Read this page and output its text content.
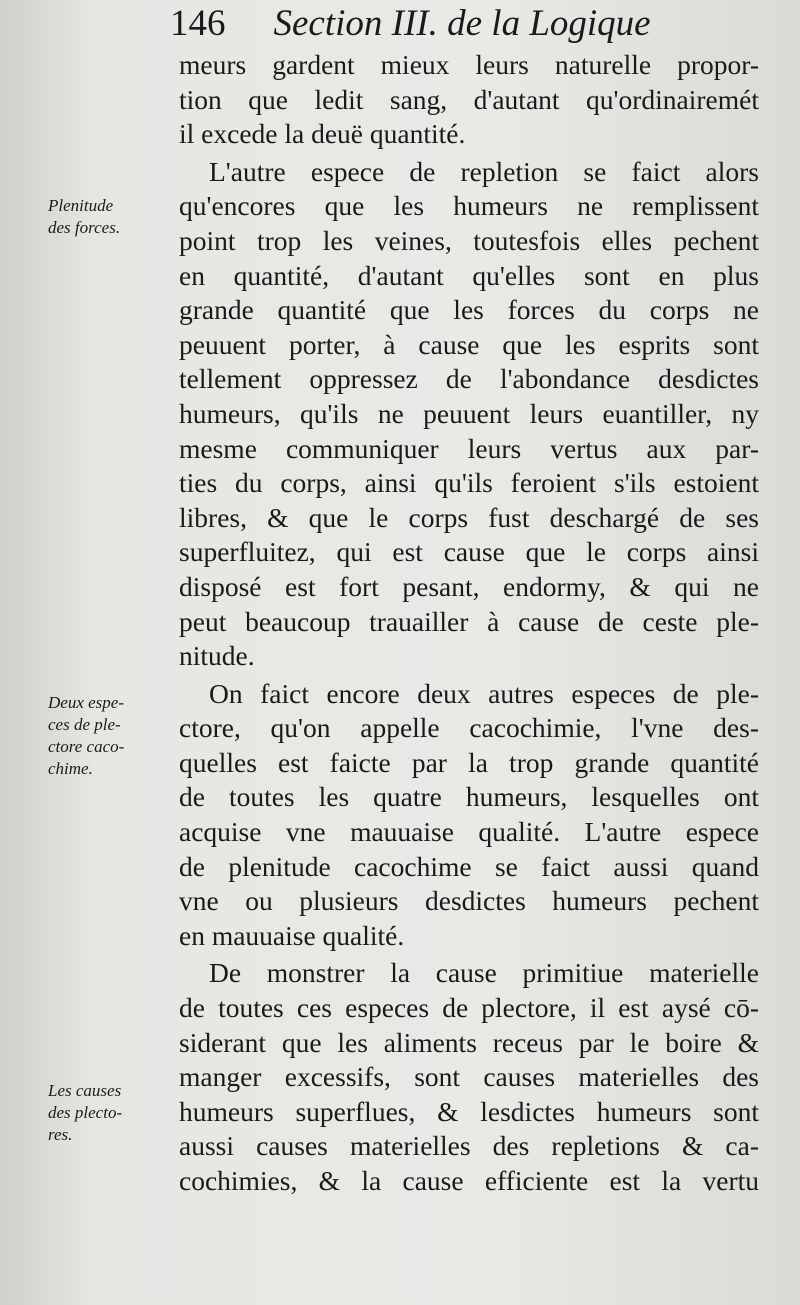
146 Section III. de la Logique
meurs gardent mieux leurs naturelle propor-
tion que ledit sang, d'autant qu'ordinairemét
il excede la deuë quantité.
L'autre espece de repletion se faict alors
qu'encores que les humeurs ne remplissent
point trop les veines, toutesfois elles pechent
en quantité, d'autant qu'elles sont en plus
grande quantité que les forces du corps ne
peuuent porter, à cause que les esprits sont
tellement oppressez de l'abondance desdictes
humeurs, qu'ils ne peuuent leurs euantiller, ny
mesme communiquer leurs vertus aux par-
ties du corps, ainsi qu'ils feroient s'ils estoient
libres, & que le corps fust deschargé de ses
superfluitez, qui est cause que le corps ainsi
disposé est fort pesant, endormy, & qui ne
peut beaucoup trauailler à cause de ceste ple-
nitude.
On faict encore deux autres especes de ple-
ctore, qu'on appelle cacochimie, l'vne des-
quelles est faicte par la trop grande quantité
de toutes les quatre humeurs, lesquelles ont
acquise vne mauuaise qualité. L'autre espece
de plenitude cacochime se faict aussi quand
vne ou plusieurs desdictes humeurs pechent
en mauuaise qualité.
De monstrer la cause primitiue materielle
de toutes ces especes de plectore, il est aysé cō-
siderant que les aliments receus par le boire &
manger excessifs, sont causes materielles des
humeurs superflues, & lesdictes humeurs sont
aussi causes materielles des repletions & ca-
cochimies, & la cause efficiente est la vertu
Plenitude
des forces.
Deux espe-
ces de ple-
ctore caco-
chime.
Les causes
des plecto-
res.
